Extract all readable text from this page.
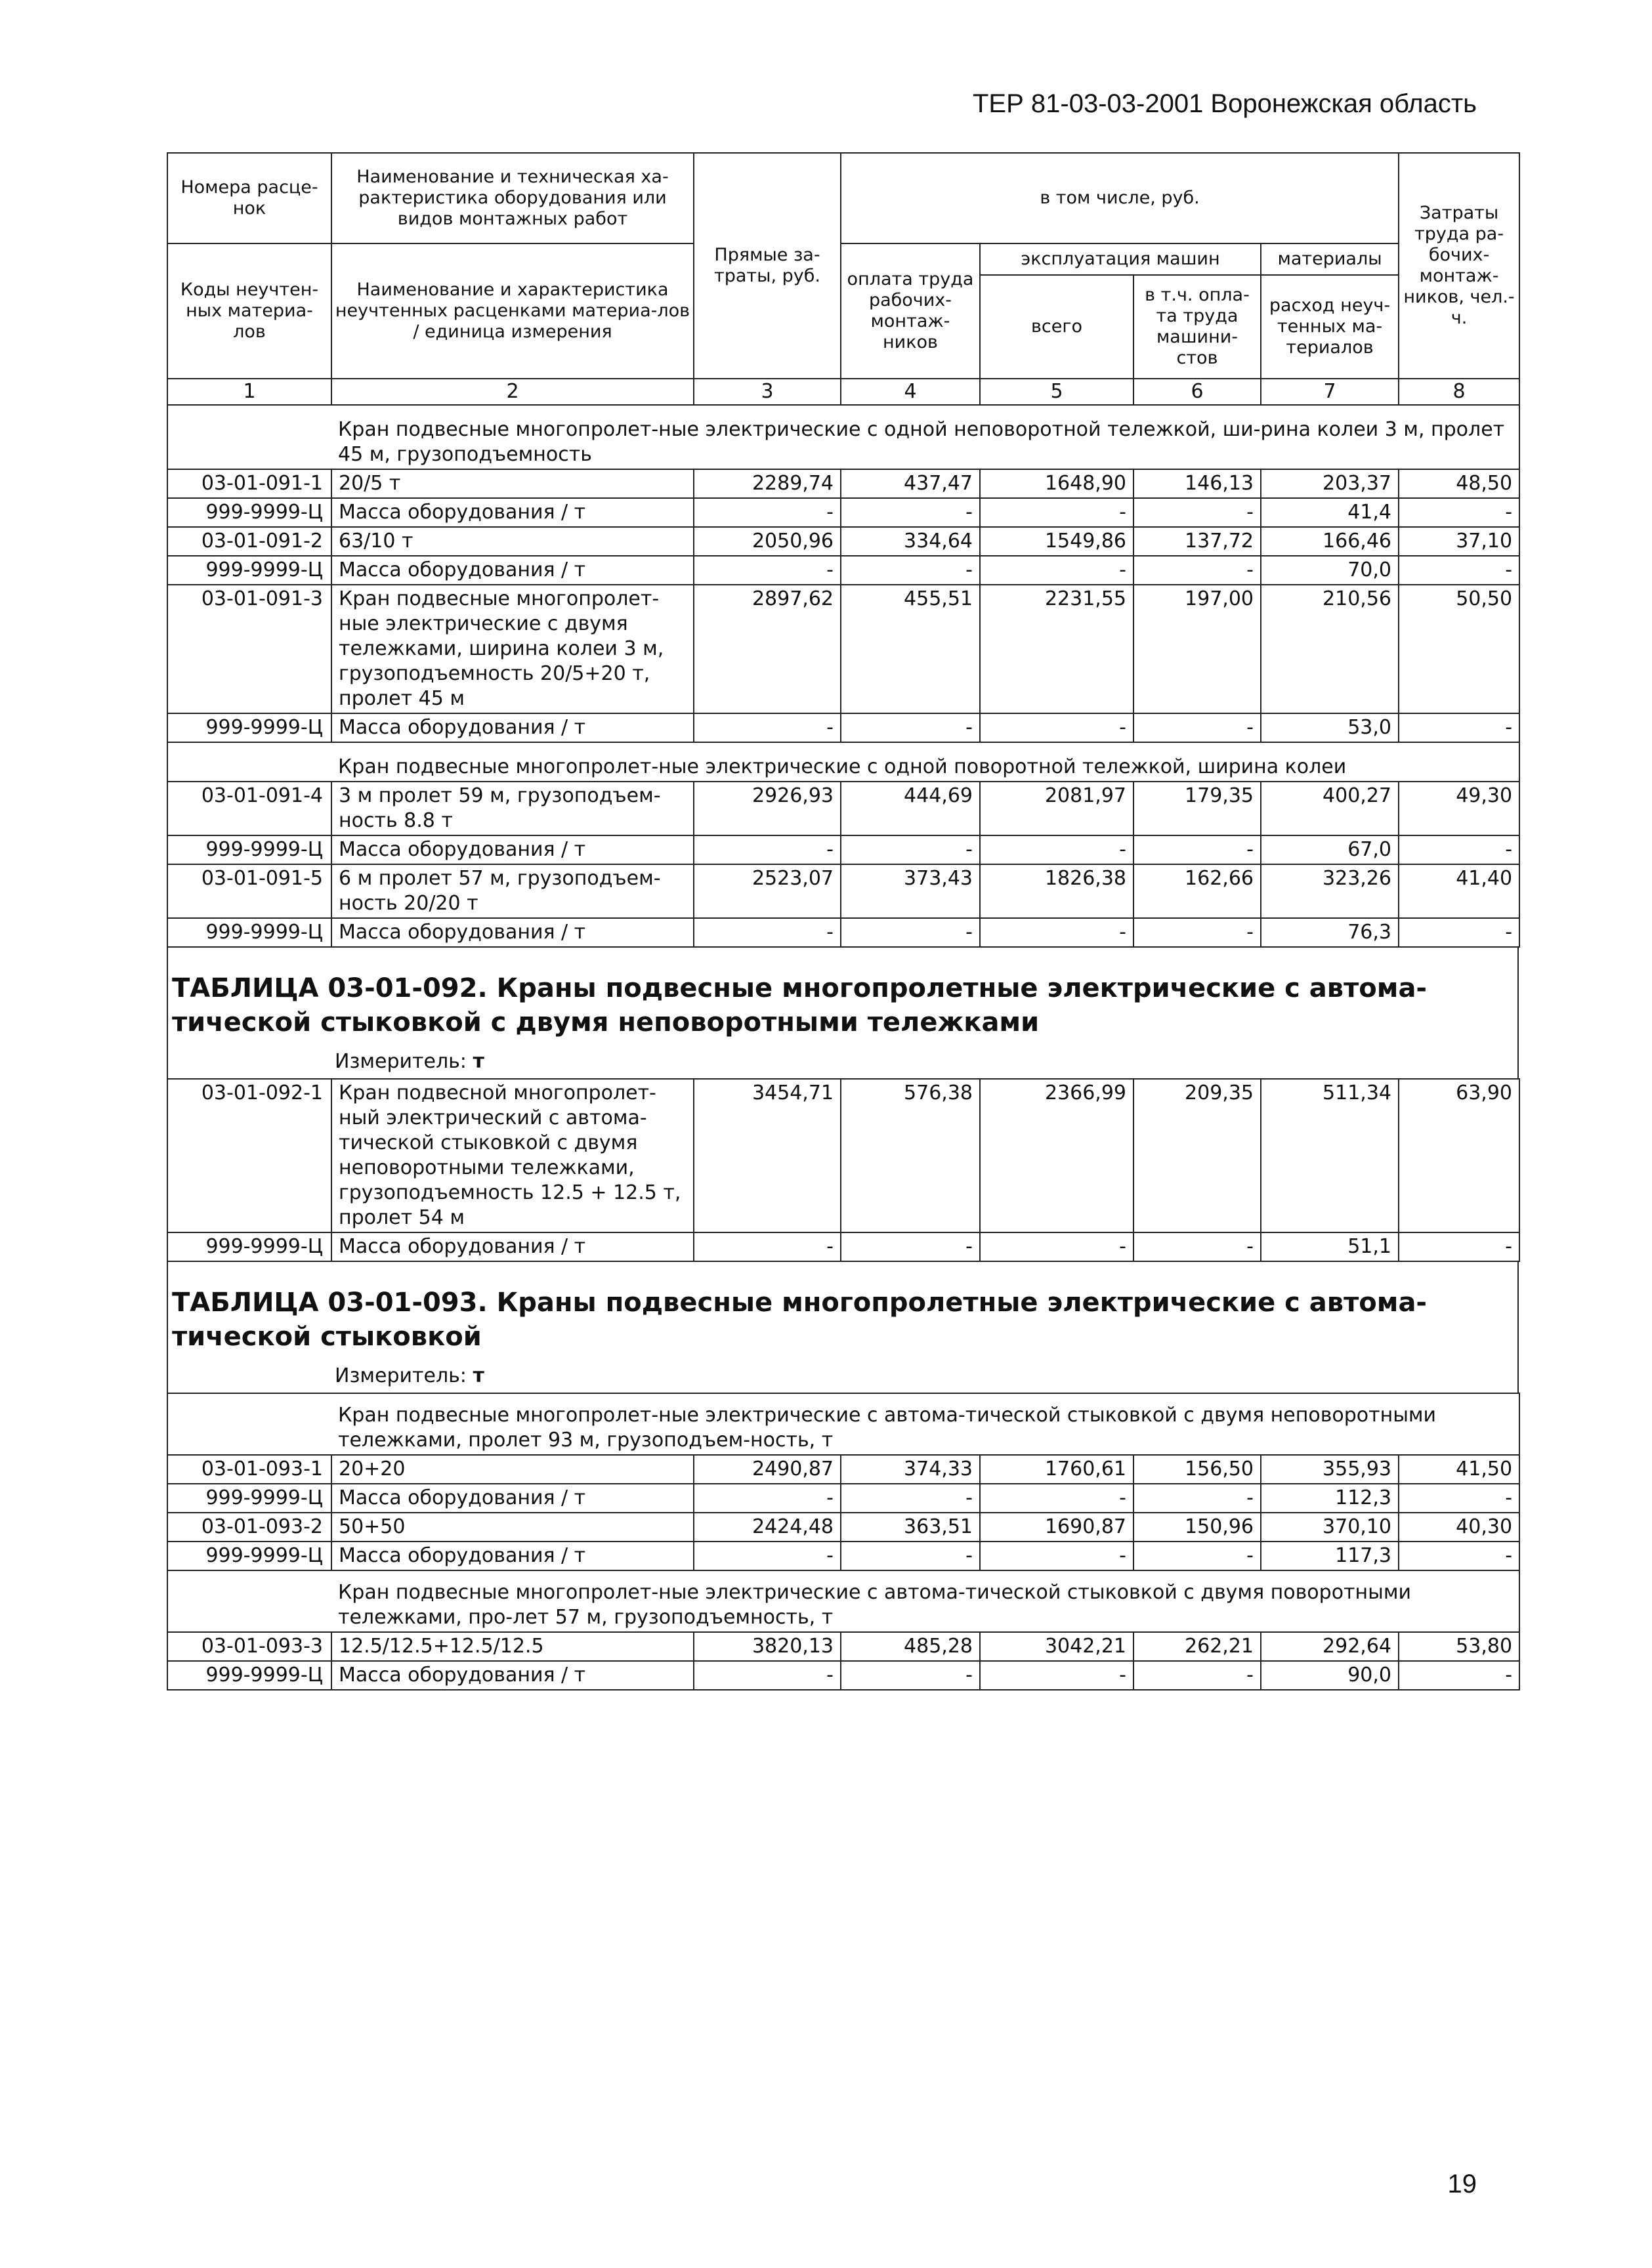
ТЕР 81-03-03-2001 Воронежская область
Номера расце-нок	Наименование и техническая ха-рактеристика оборудования или видов монтажных работ	Прямые за-траты, руб.	в том числе, руб.				Затраты труда ра-бочих-монтаж-ников, чел.-ч.
Коды неучтен-ных материа-лов	Наименование и характеристика неучтенных расценками материа-лов / единица измерения		оплата труда рабочих-монтаж-ников	эксплуатация машин		материалы	
				всего	в т.ч. опла-та труда машини-стов	расход неуч-тенных ма-териалов	
1	2	3	4	5	6	7	8
	Кран подвесные многопролет-ные электрические с одной неповоротной тележкой, ши-рина колеи 3 м, пролет 45 м, грузоподъемность						
03-01-091-1	20/5 т	2289,74	437,47	1648,90	146,13	203,37	48,50
999-9999-Ц	Масса оборудования / т	-	-	-	-	41,4	-
03-01-091-2	63/10 т	2050,96	334,64	1549,86	137,72	166,46	37,10
999-9999-Ц	Масса оборудования / т	-	-	-	-	70,0	-
03-01-091-3	Кран подвесные многопролет-ные электрические с двумя тележками, ширина колеи 3 м, грузоподъемность 20/5+20 т, пролет 45 м	2897,62	455,51	2231,55	197,00	210,56	50,50
999-9999-Ц	Масса оборудования / т	-	-	-	-	53,0	-
	Кран подвесные многопролет-ные электрические с одной поворотной тележкой, ширина колеи						
03-01-091-4	3 м пролет 59 м, грузоподъем-ность 8.8 т	2926,93	444,69	2081,97	179,35	400,27	49,30
999-9999-Ц	Масса оборудования / т	-	-	-	-	67,0	-
03-01-091-5	6 м пролет 57 м, грузоподъем-ность 20/20 т	2523,07	373,43	1826,38	162,66	323,26	41,40
999-9999-Ц	Масса оборудования / т	-	-	-	-	76,3	-
ТАБЛИЦА 03-01-092. Краны подвесные многопролетные электрические с автома-тической стыковкой с двумя неповоротными тележками
Измеритель: т
03-01-092-1	Кран подвесной многопролет-ный электрический с автома-тической стыковкой с двумя неповоротными тележками, грузоподъемность 12.5 + 12.5 т, пролет 54 м	3454,71	576,38	2366,99	209,35	511,34	63,90
999-9999-Ц	Масса оборудования / т	-	-	-	-	51,1	-
ТАБЛИЦА 03-01-093. Краны подвесные многопролетные электрические с автома-тической стыковкой
Измеритель: т
	Кран подвесные многопролет-ные электрические с автома-тической стыковкой с двумя неповоротными тележками, пролет 93 м, грузоподъем-ность, т						
03-01-093-1	20+20	2490,87	374,33	1760,61	156,50	355,93	41,50
999-9999-Ц	Масса оборудования / т	-	-	-	-	112,3	-
03-01-093-2	50+50	2424,48	363,51	1690,87	150,96	370,10	40,30
999-9999-Ц	Масса оборудования / т	-	-	-	-	117,3	-
	Кран подвесные многопролет-ные электрические с автома-тической стыковкой с двумя поворотными тележками, про-лет 57 м, грузоподъемность, т						
03-01-093-3	12.5/12.5+12.5/12.5	3820,13	485,28	3042,21	262,21	292,64	53,80
999-9999-Ц	Масса оборудования / т	-	-	-	-	90,0	-
19
